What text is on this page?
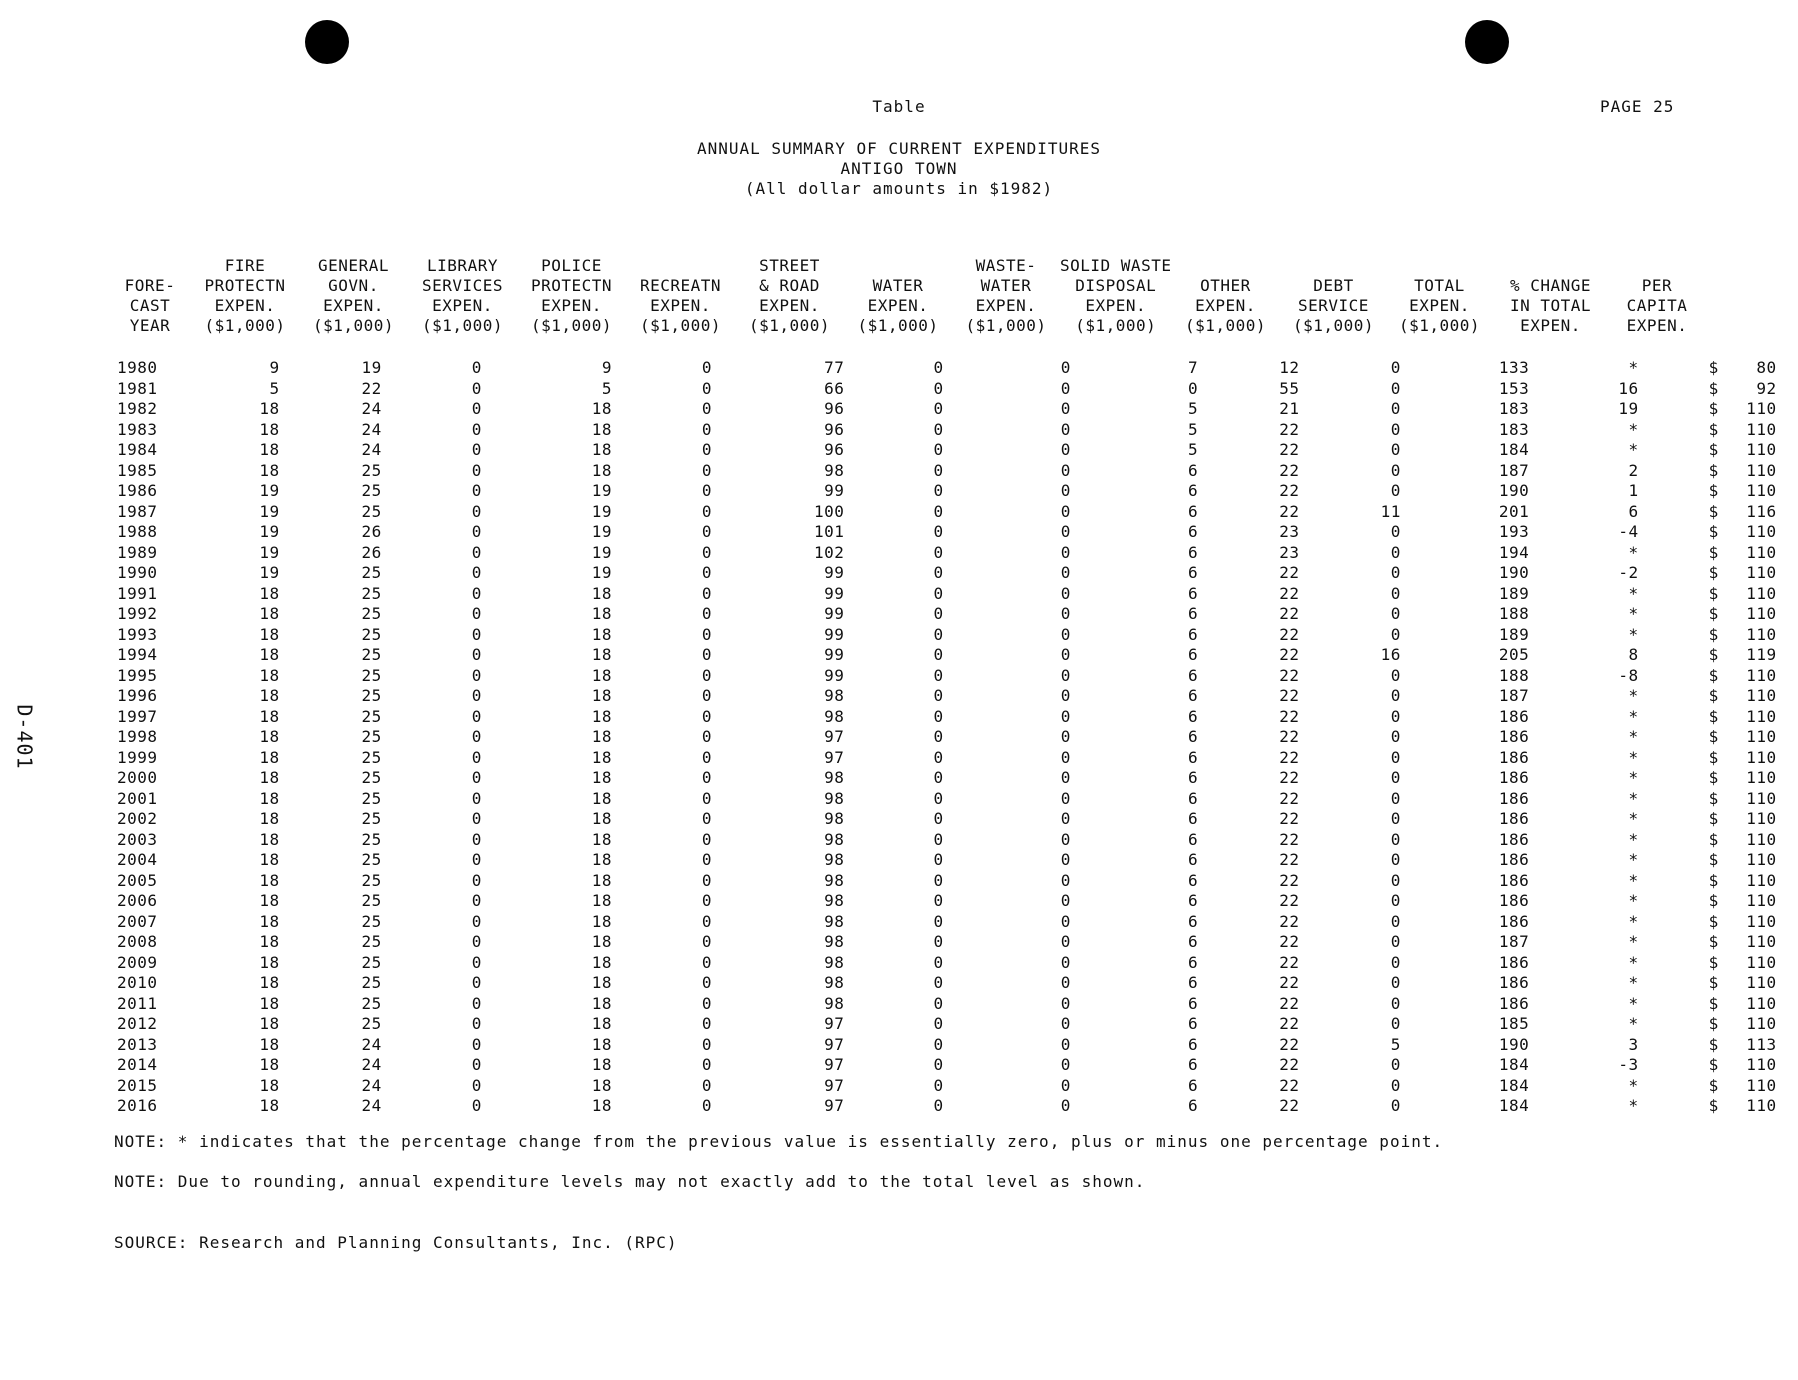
Table	PAGE 25
ANNUAL SUMMARY OF CURRENT EXPENDITURES
ANTIGO TOWN
(All dollar amounts in $1982)
D-401
	FIRE	GENERAL	LIBRARY	POLICE		STREET		WASTE-	SOLID WASTE					
FORE-	PROTECTN	GOVN.	SERVICES	PROTECTN	RECREATN	& ROAD	WATER	WATER	DISPOSAL	OTHER	DEBT	TOTAL	% CHANGE	PER
CAST	EXPEN.	EXPEN.	EXPEN.	EXPEN.	EXPEN.	EXPEN.	EXPEN.	EXPEN.	EXPEN.	EXPEN.	SERVICE	EXPEN.	IN TOTAL	CAPITA
YEAR	($1,000)	($1,000)	($1,000)	($1,000)	($1,000)	($1,000)	($1,000)	($1,000)	($1,000)	($1,000)	($1,000)	($1,000)	EXPEN.	EXPEN.
1980	9	19	0	9	0	77	0	0	7	12	0	133	*	$ 80
1981	5	22	0	5	0	66	0	0	0	55	0	153	16	$ 92
1982	18	24	0	18	0	96	0	0	5	21	0	183	19	$ 110
1983	18	24	0	18	0	96	0	0	5	22	0	183	*	$ 110
1984	18	24	0	18	0	96	0	0	5	22	0	184	*	$ 110
1985	18	25	0	18	0	98	0	0	6	22	0	187	2	$ 110
1986	19	25	0	19	0	99	0	0	6	22	0	190	1	$ 110
1987	19	25	0	19	0	100	0	0	6	22	11	201	6	$ 116
1988	19	26	0	19	0	101	0	0	6	23	0	193	-4	$ 110
1989	19	26	0	19	0	102	0	0	6	23	0	194	*	$ 110
1990	19	25	0	19	0	99	0	0	6	22	0	190	-2	$ 110
1991	18	25	0	18	0	99	0	0	6	22	0	189	*	$ 110
1992	18	25	0	18	0	99	0	0	6	22	0	188	*	$ 110
1993	18	25	0	18	0	99	0	0	6	22	0	189	*	$ 110
1994	18	25	0	18	0	99	0	0	6	22	16	205	8	$ 119
1995	18	25	0	18	0	99	0	0	6	22	0	188	-8	$ 110
1996	18	25	0	18	0	98	0	0	6	22	0	187	*	$ 110
1997	18	25	0	18	0	98	0	0	6	22	0	186	*	$ 110
1998	18	25	0	18	0	97	0	0	6	22	0	186	*	$ 110
1999	18	25	0	18	0	97	0	0	6	22	0	186	*	$ 110
2000	18	25	0	18	0	98	0	0	6	22	0	186	*	$ 110
2001	18	25	0	18	0	98	0	0	6	22	0	186	*	$ 110
2002	18	25	0	18	0	98	0	0	6	22	0	186	*	$ 110
2003	18	25	0	18	0	98	0	0	6	22	0	186	*	$ 110
2004	18	25	0	18	0	98	0	0	6	22	0	186	*	$ 110
2005	18	25	0	18	0	98	0	0	6	22	0	186	*	$ 110
2006	18	25	0	18	0	98	0	0	6	22	0	186	*	$ 110
2007	18	25	0	18	0	98	0	0	6	22	0	186	*	$ 110
2008	18	25	0	18	0	98	0	0	6	22	0	187	*	$ 110
2009	18	25	0	18	0	98	0	0	6	22	0	186	*	$ 110
2010	18	25	0	18	0	98	0	0	6	22	0	186	*	$ 110
2011	18	25	0	18	0	98	0	0	6	22	0	186	*	$ 110
2012	18	25	0	18	0	97	0	0	6	22	0	185	*	$ 110
2013	18	24	0	18	0	97	0	0	6	22	5	190	3	$ 113
2014	18	24	0	18	0	97	0	0	6	22	0	184	-3	$ 110
2015	18	24	0	18	0	97	0	0	6	22	0	184	*	$ 110
2016	18	24	0	18	0	97	0	0	6	22	0	184	*	$ 110
NOTE: * indicates that the percentage change from the previous value is essentially zero, plus or minus one percentage point.
NOTE: Due to rounding, annual expenditure levels may not exactly add to the total level as shown.
SOURCE: Research and Planning Consultants, Inc. (RPC)
